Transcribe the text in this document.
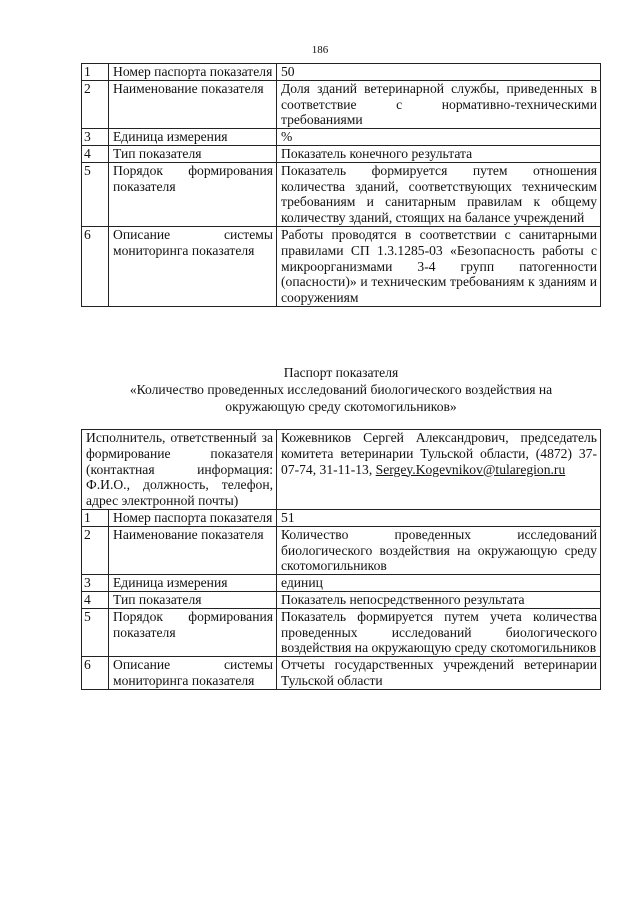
186
1	Номер паспорта показателя	50
2	Наименование показателя	Доля зданий ветеринарной службы, приведенных в соответствие с нормативно-техническими требованиями
3	Единица измерения	%
4	Тип показателя	Показатель конечного результата
5	Порядок формирования показателя	Показатель формируется путем отношения количества зданий, соответствующих техническим требованиям и санитарным правилам к общему количеству зданий, стоящих на балансе учреждений
6	Описание системы мониторинга показателя	Работы проводятся в соответствии с санитарными правилами СП 1.3.1285-03 «Безопасность работы с микроорганизмами 3-4 групп патогенности (опасности)» и техническим требованиям к зданиям и сооружениям
Паспорт показателя
«Количество проведенных исследований биологического воздействия на
окружающую среду скотомогильников»
Исполнитель, ответственный за формирование показателя (контактная информация: Ф.И.О., должность, телефон, адрес электронной почты)		Кожевников Сергей Александрович, председатель комитета ветеринарии Тульской области, (4872) 37-07-74, 31-11-13, Sergey.Kogevnikov@tularegion.ru
1	Номер паспорта показателя	51
2	Наименование показателя	Количество проведенных исследований биологического воздействия на окружающую среду скотомогильников
3	Единица измерения	единиц
4	Тип показателя	Показатель непосредственного результата
5	Порядок формирования показателя	Показатель формируется путем учета количества проведенных исследований биологического воздействия на окружающую среду скотомогильников
6	Описание системы мониторинга показателя	Отчеты государственных учреждений ветеринарии Тульской области
